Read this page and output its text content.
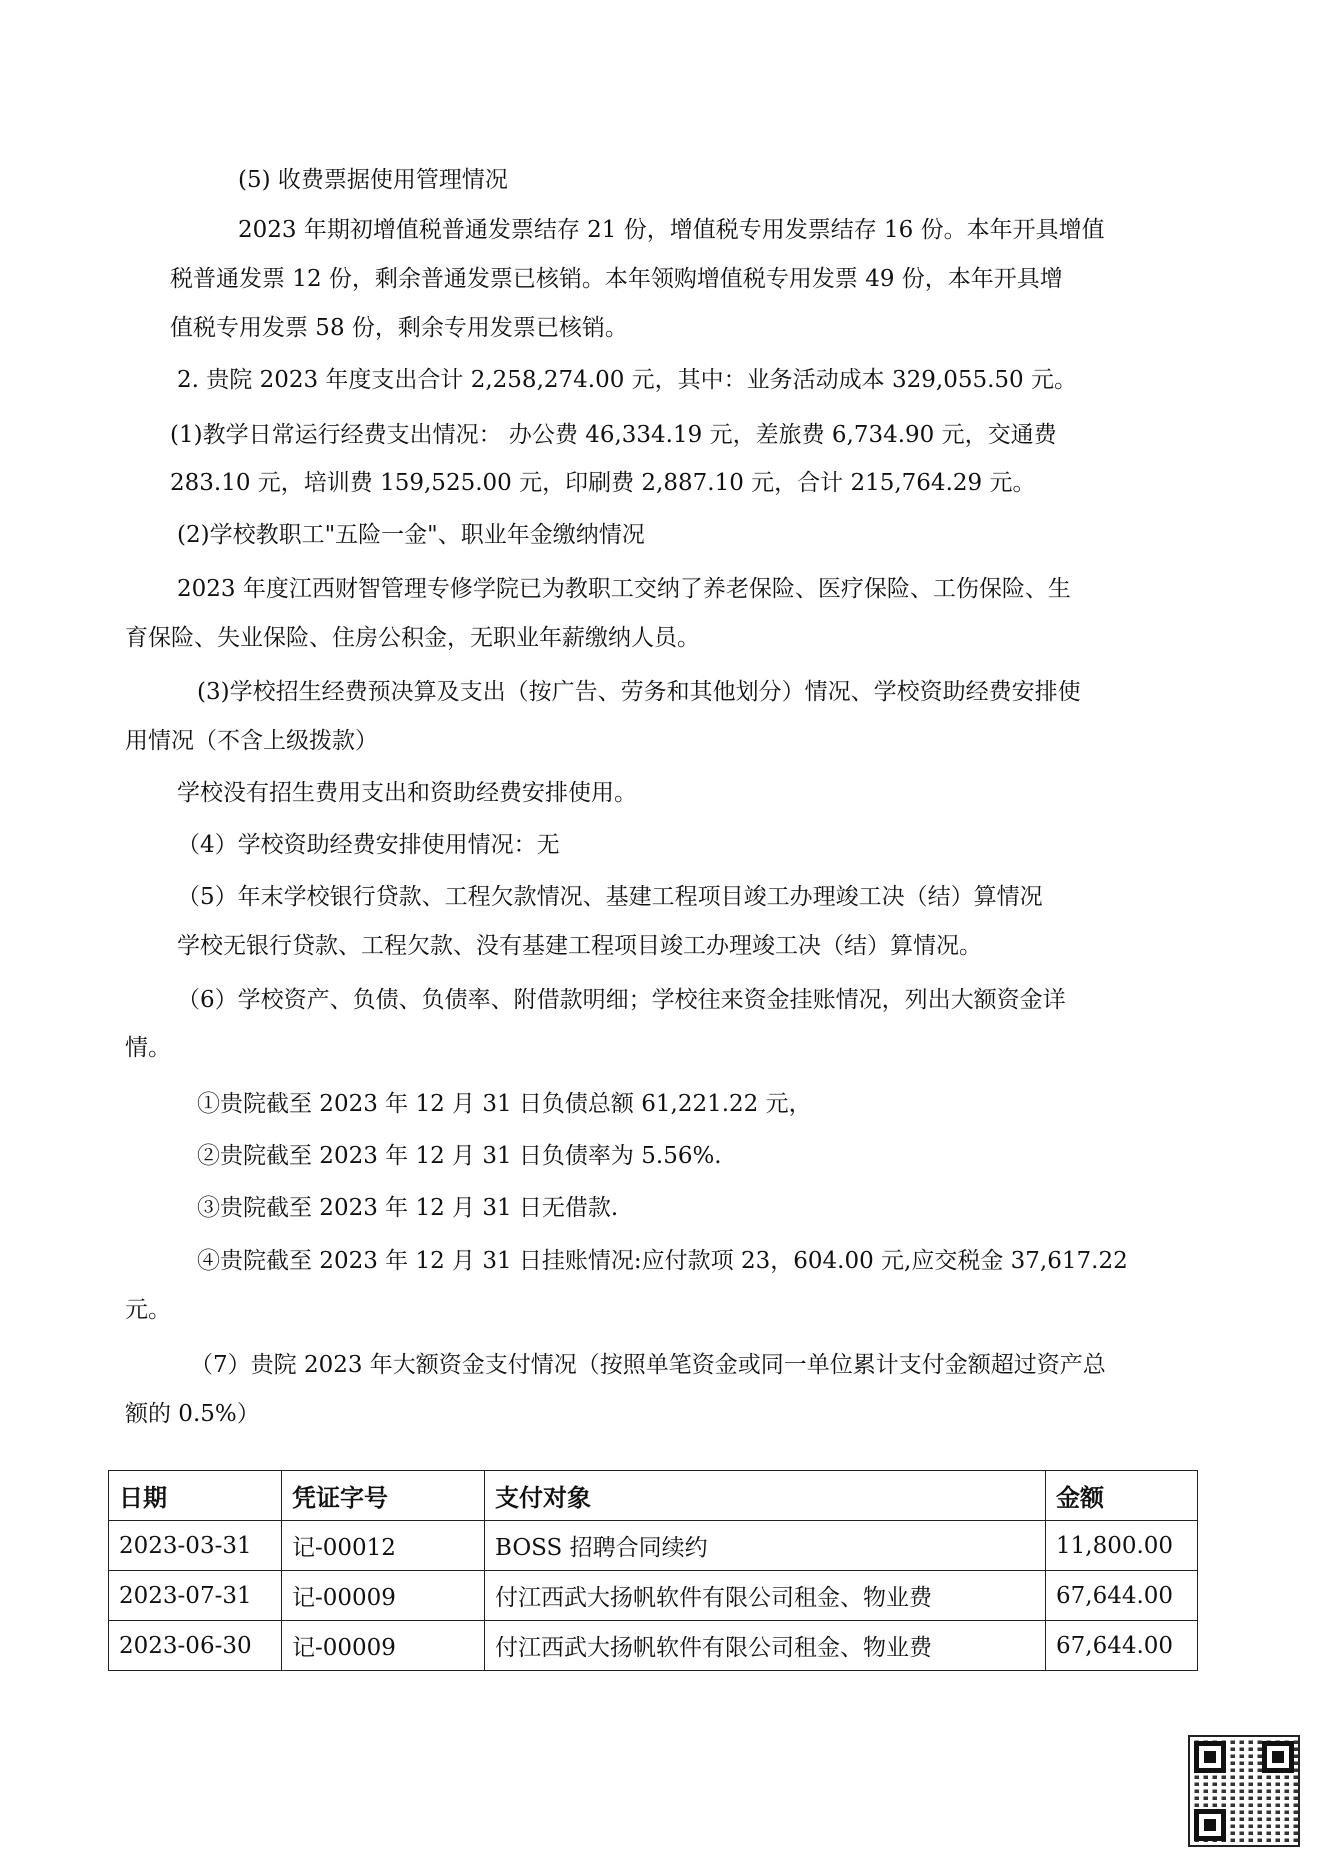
(5) 收费票据使用管理情况
2023 年期初增值税普通发票结存 21 份，增值税专用发票结存 16 份。本年开具增值
税普通发票 12 份，剩余普通发票已核销。本年领购增值税专用发票 49 份，本年开具增
值税专用发票 58 份，剩余专用发票已核销。
2. 贵院 2023 年度支出合计 2,258,274.00 元，其中：业务活动成本 329,055.50 元。
(1)教学日常运行经费支出情况： 办公费 46,334.19 元，差旅费 6,734.90 元，交通费
283.10 元，培训费 159,525.00 元，印刷费 2,887.10 元，合计 215,764.29 元。
(2)学校教职工"五险一金"、职业年金缴纳情况
2023 年度江西财智管理专修学院已为教职工交纳了养老保险、医疗保险、工伤保险、生
育保险、失业保险、住房公积金，无职业年薪缴纳人员。
(3)学校招生经费预决算及支出（按广告、劳务和其他划分）情况、学校资助经费安排使
用情况（不含上级拨款）
学校没有招生费用支出和资助经费安排使用。
（4）学校资助经费安排使用情况：无
（5）年末学校银行贷款、工程欠款情况、基建工程项目竣工办理竣工决（结）算情况
学校无银行贷款、工程欠款、没有基建工程项目竣工办理竣工决（结）算情况。
（6）学校资产、负债、负债率、附借款明细；学校往来资金挂账情况，列出大额资金详
情。
①贵院截至 2023 年 12 月 31 日负债总额 61,221.22 元，
②贵院截至 2023 年 12 月 31 日负债率为 5.56%.
③贵院截至 2023 年 12 月 31 日无借款.
④贵院截至 2023 年 12 月 31 日挂账情况:应付款项 23，604.00 元,应交税金 37,617.22
元。
（7）贵院 2023 年大额资金支付情况（按照单笔资金或同一单位累计支付金额超过资产总
额的 0.5%）
日期	凭证字号	支付对象	金额
2023-03-31	记-00012	BOSS 招聘合同续约	11,800.00
2023-07-31	记-00009	付江西武大扬帆软件有限公司租金、物业费	67,644.00
2023-06-30	记-00009	付江西武大扬帆软件有限公司租金、物业费	67,644.00
